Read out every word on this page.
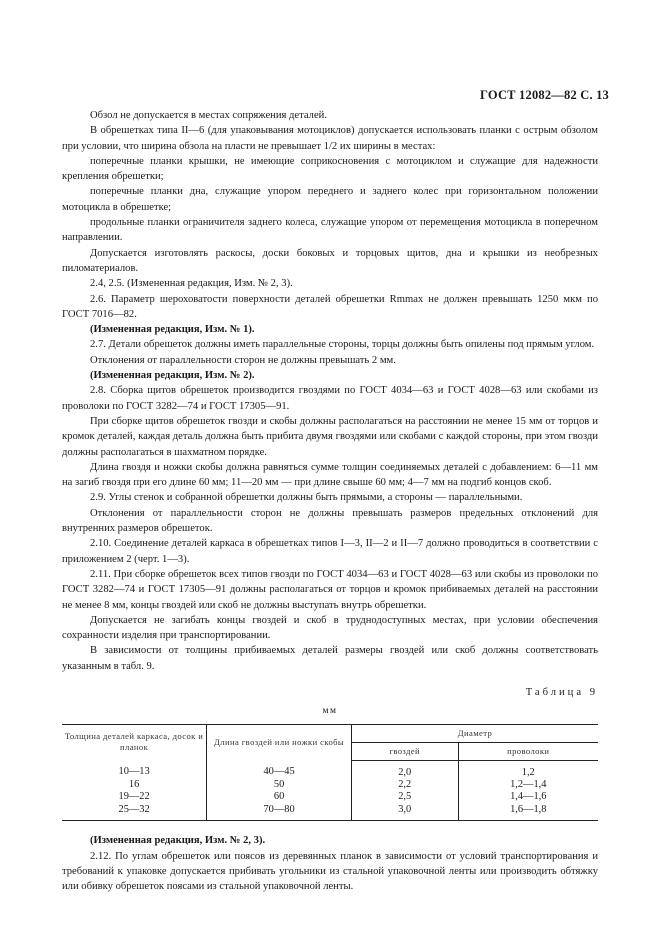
ГОСТ 12082—82 С. 13

Обзол не допускается в местах сопряжения деталей.

В обрешетках типа II—6 (для упаковывания мотоциклов) допускается использовать планки с острым обзолом при условии, что ширина обзола на пласти не превышает 1/2 их ширины в местах:

поперечные планки крышки, не имеющие соприкосновения с мотоциклом и служащие для надежности крепления обрешетки;

поперечные планки дна, служащие упором переднего и заднего колес при горизонтальном положении мотоцикла в обрешетке;

продольные планки ограничителя заднего колеса, служащие упором от перемещения мотоцикла в поперечном направлении.

Допускается изготовлять раскосы, доски боковых и торцовых щитов, дна и крышки из необрезных пиломатериалов.

2.4, 2.5. (Измененная редакция, Изм. № 2, 3).

2.6. Параметр шероховатости поверхности деталей обрешетки Rmmax не должен превышать 1250 мкм по ГОСТ 7016—82.

(Измененная редакция, Изм. № 1).

2.7. Детали обрешеток должны иметь параллельные стороны, торцы должны быть опилены под прямым углом.

Отклонения от параллельности сторон не должны превышать 2 мм.

(Измененная редакция, Изм. № 2).

2.8. Сборка щитов обрешеток производится гвоздями по ГОСТ 4034—63 и ГОСТ 4028—63 или скобами из проволоки по ГОСТ 3282—74 и ГОСТ 17305—91.

При сборке щитов обрешеток гвозди и скобы должны располагаться на расстоянии не менее 15 мм от торцов и кромок деталей, каждая деталь должна быть прибита двумя гвоздями или скобами с каждой стороны, при этом гвозди должны располагаться в шахматном порядке.

Длина гвоздя и ножки скобы должна равняться сумме толщин соединяемых деталей с добавлением: 6—11 мм на загиб гвоздя при его длине 60 мм; 11—20 мм — при длине свыше 60 мм; 4—7 мм на подгиб концов скоб.

2.9. Углы стенок и собранной обрешетки должны быть прямыми, а стороны — параллельными.

Отклонения от параллельности сторон не должны превышать размеров предельных отклонений для внутренних размеров обрешеток.

2.10. Соединение деталей каркаса в обрешетках типов I—3, II—2 и II—7 должно проводиться в соответствии с приложением 2 (черт. 1—3).

2.11. При сборке обрешеток всех типов гвозди по ГОСТ 4034—63 и ГОСТ 4028—63 или скобы из проволоки по ГОСТ 3282—74 и ГОСТ 17305—91 должны располагаться от торцов и кромок прибиваемых деталей на расстоянии не менее 8 мм, концы гвоздей или скоб не должны выступать внутрь обрешетки.

Допускается не загибать концы гвоздей и скоб в труднодоступных местах, при условии обеспечения сохранности изделия при транспортировании.

В зависимости от толщины прибиваемых деталей размеры гвоздей или скоб должны соответствовать указанным в табл. 9.

Таблица 9
мм
Толщина деталей каркаса, досок и планок	Длина гвоздей или ножки скобы	Диаметр	
		гвоздей	проволоки
10—13	40—45	2,0	1,2
16	50	2,2	1,2—1,4
19—22	60	2,5	1,4—1,6
25—32	70—80	3,0	1,6—1,8

(Измененная редакция, Изм. № 2, 3).

2.12. По углам обрешеток или поясов из деревянных планок в зависимости от условий транспортирования и требований к упаковке допускается прибивать угольники из стальной упаковочной ленты или производить обтяжку или обивку обрешеток поясами из стальной упаковочной ленты.
